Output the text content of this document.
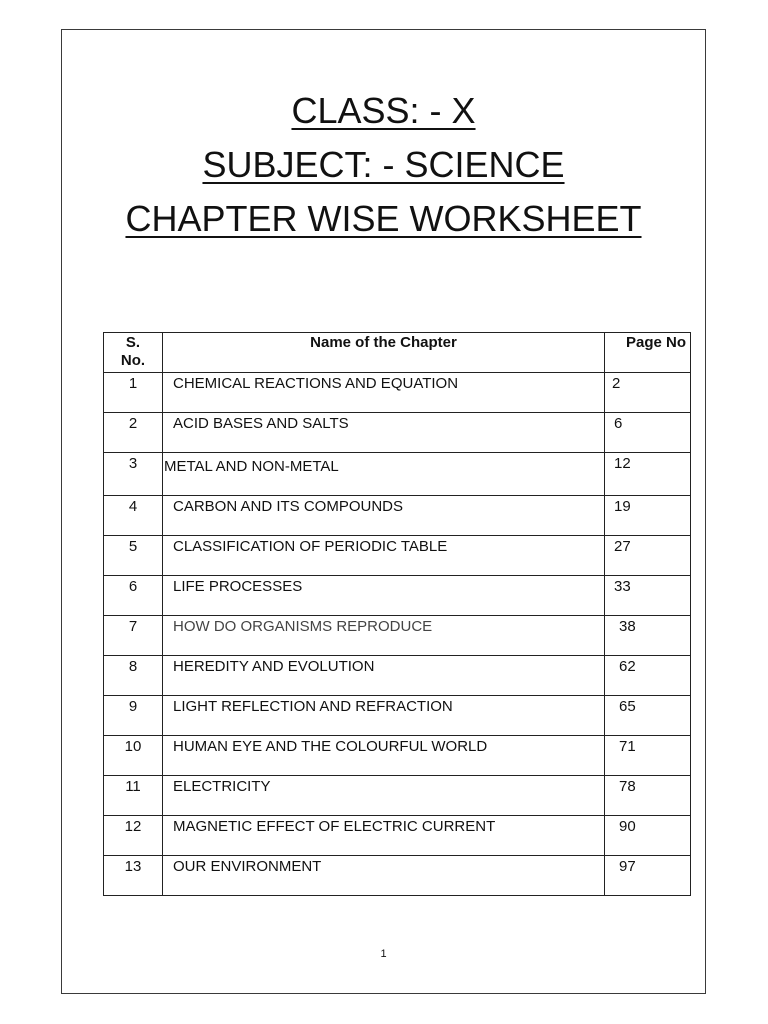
CLASS: - X
SUBJECT: - SCIENCE
CHAPTER WISE WORKSHEET
S.
No.	Name of the Chapter	Page No
1	CHEMICAL REACTIONS AND EQUATION	2
2	ACID BASES AND SALTS	6
3	METAL AND NON-METAL	12
4	CARBON AND ITS COMPOUNDS	19
5	CLASSIFICATION OF PERIODIC TABLE	27
6	LIFE PROCESSES	33
7	HOW DO ORGANISMS REPRODUCE	38
8	HEREDITY AND EVOLUTION	62
9	LIGHT REFLECTION AND REFRACTION	65
10	HUMAN EYE AND THE COLOURFUL WORLD	71
11	ELECTRICITY	78
12	MAGNETIC EFFECT OF ELECTRIC CURRENT	90
13	OUR ENVIRONMENT	97
1
